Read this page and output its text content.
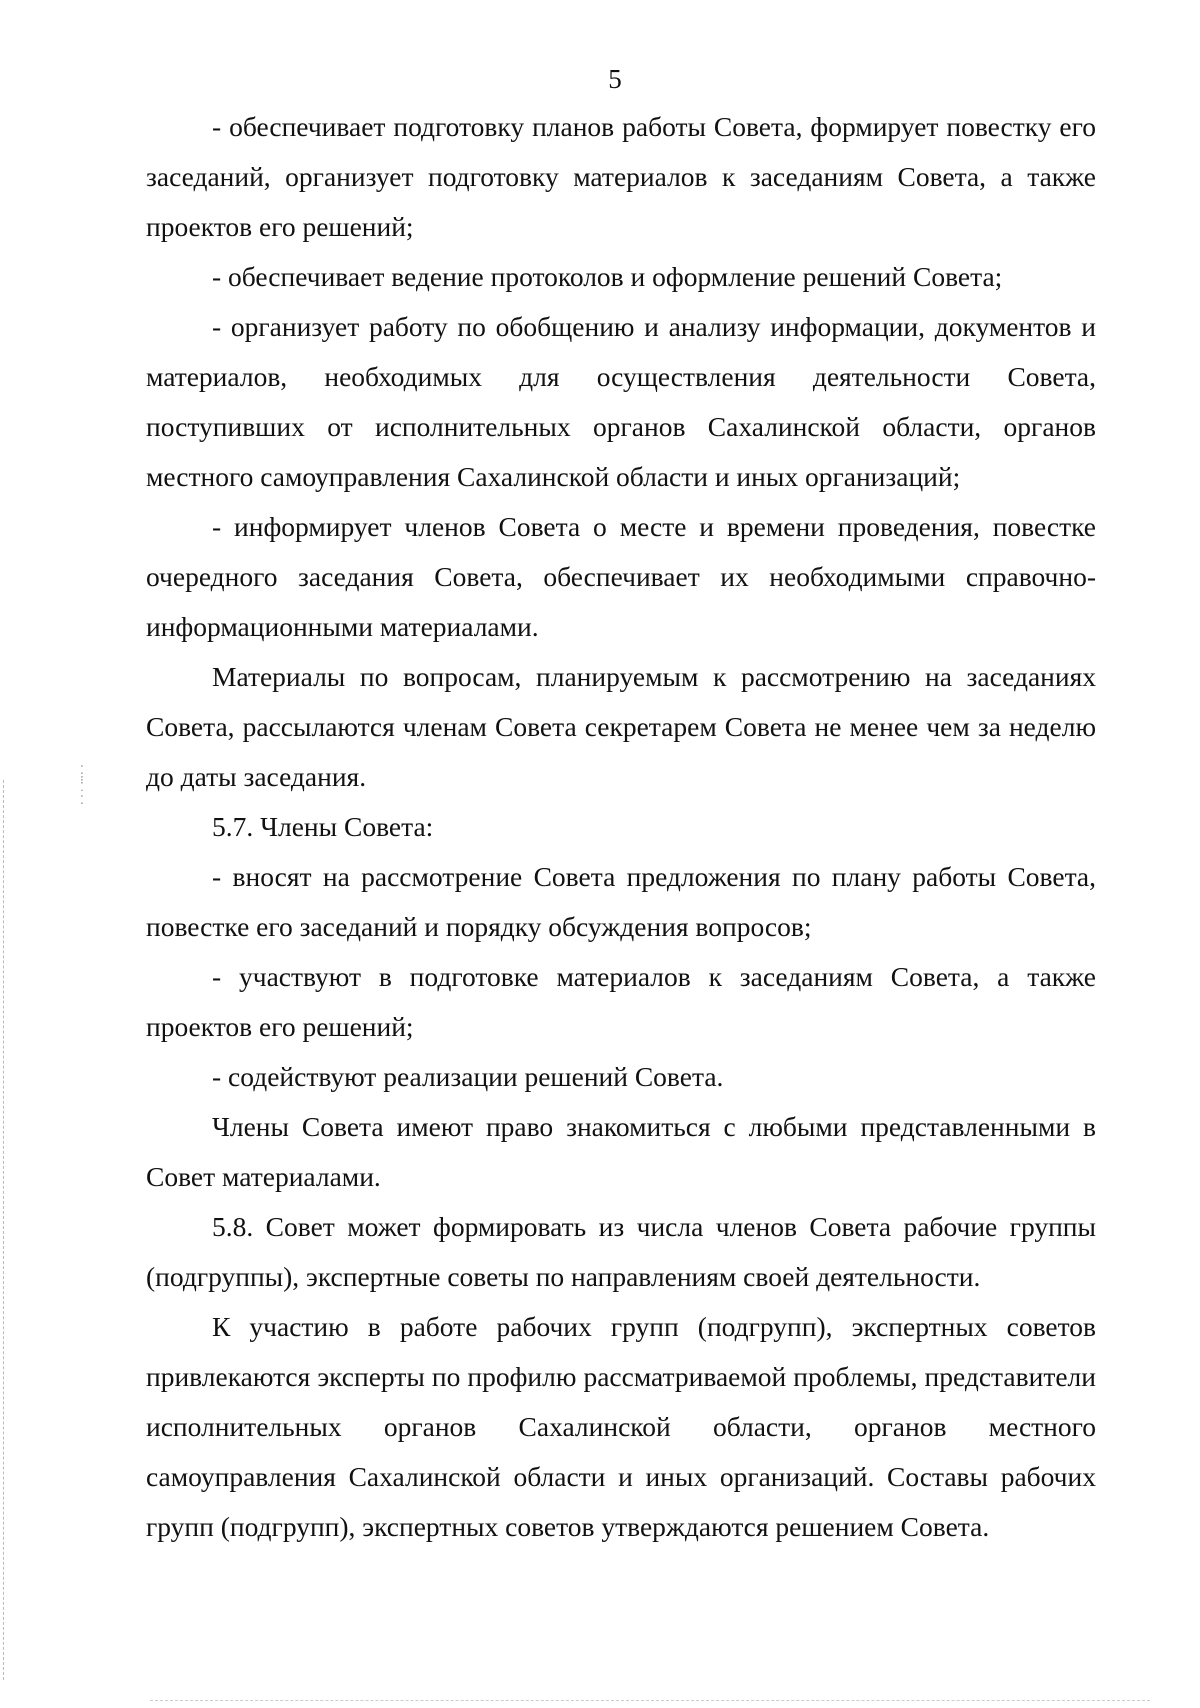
5

- обеспечивает подготовку планов работы Совета, формирует повестку его заседаний, организует подготовку материалов к заседаниям Совета, а также проектов его решений;

- обеспечивает ведение протоколов и оформление решений Совета;

- организует работу по обобщению и анализу информации, документов и материалов, необходимых для осуществления деятельности Совета, поступивших от исполнительных органов Сахалинской области, органов местного самоуправления Сахалинской области и иных организаций;

- информирует членов Совета о месте и времени проведения, повестке очередного заседания Совета, обеспечивает их необходимыми справочно-информационными материалами.

Материалы по вопросам, планируемым к рассмотрению на заседаниях Совета, рассылаются членам Совета секретарем Совета не менее чем за неделю до даты заседания.

5.7. Члены Совета:

- вносят на рассмотрение Совета предложения по плану работы Совета, повестке его заседаний и порядку обсуждения вопросов;

- участвуют в подготовке материалов к заседаниям Совета, а также проектов его решений;

- содействуют реализации решений Совета.

Члены Совета имеют право знакомиться с любыми представленными в Совет материалами.

5.8. Совет может формировать из числа членов Совета рабочие группы (подгруппы), экспертные советы по направлениям своей деятельности.

К участию в работе рабочих групп (подгрупп), экспертных советов привлекаются эксперты по профилю рассматриваемой проблемы, представители исполнительных органов Сахалинской области, органов местного самоуправления Сахалинской области и иных организаций. Составы рабочих групп (подгрупп), экспертных советов утверждаются решением Совета.

⁚
⁝
·
⁚
